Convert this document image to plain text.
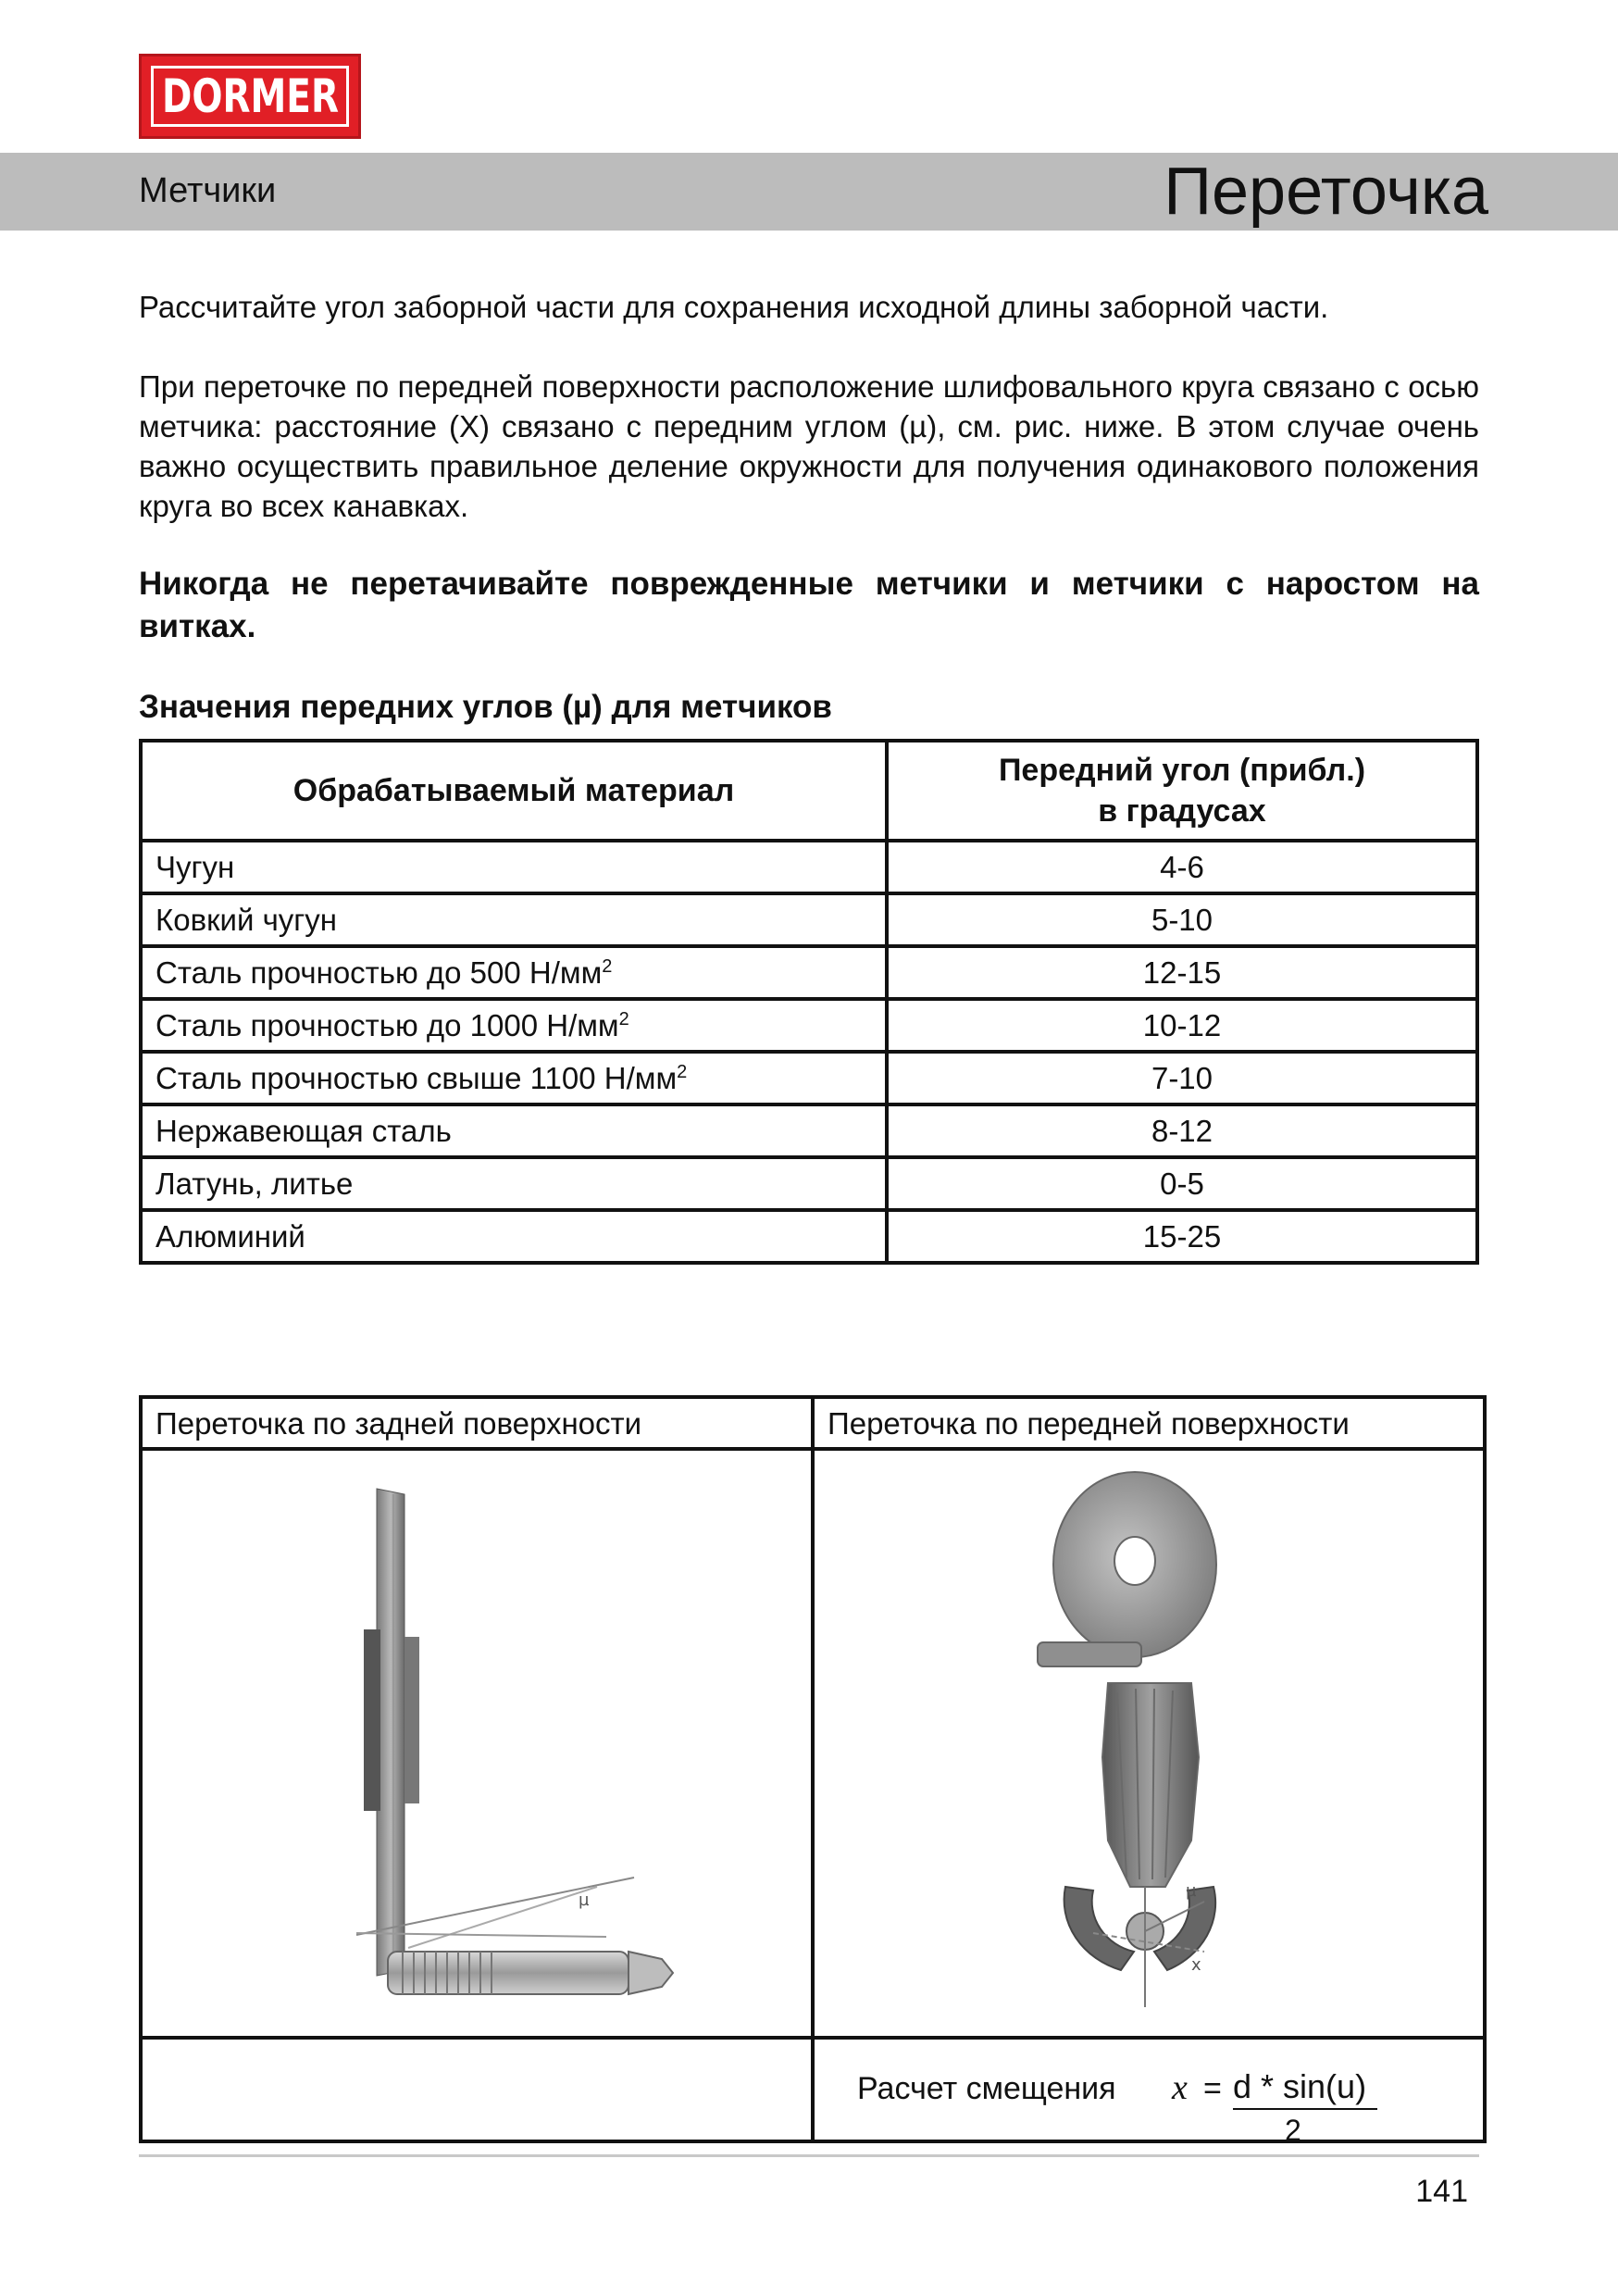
DORMER
Метчики	Переточка
Рассчитайте угол заборной части для сохранения исходной длины заборной части.
При переточке по передней поверхности расположение шлифовального круга связано с осью метчика: расстояние (X) связано с передним углом (µ), см. рис. ниже. В этом случае очень важно осуществить правильное деление окружности для получения одинакового положения круга во всех канавках.
Никогда не перетачивайте поврежденные метчики и метчики с наростом на витках.
Значения передних углов (µ) для метчиков
Обрабатываемый материал	Передний угол (прибл.)
в градусах

Чугун	4-6
Ковкий чугун	5-10
Сталь прочностью до 500 $Н/мм^2$	12-15
Сталь прочностью до 1000 $Н/мм^2$	10-12
Сталь прочностью свыше 1100 $Н/мм^2$	7-10
Нержавеющая сталь	8-12
Латунь, литье	0-5
Алюминий	15-25
Переточка по задней поверхности	Переточка по передней поверхности

µ	µ
x

	Расчет смещения x = d * sin(u)
2
141
